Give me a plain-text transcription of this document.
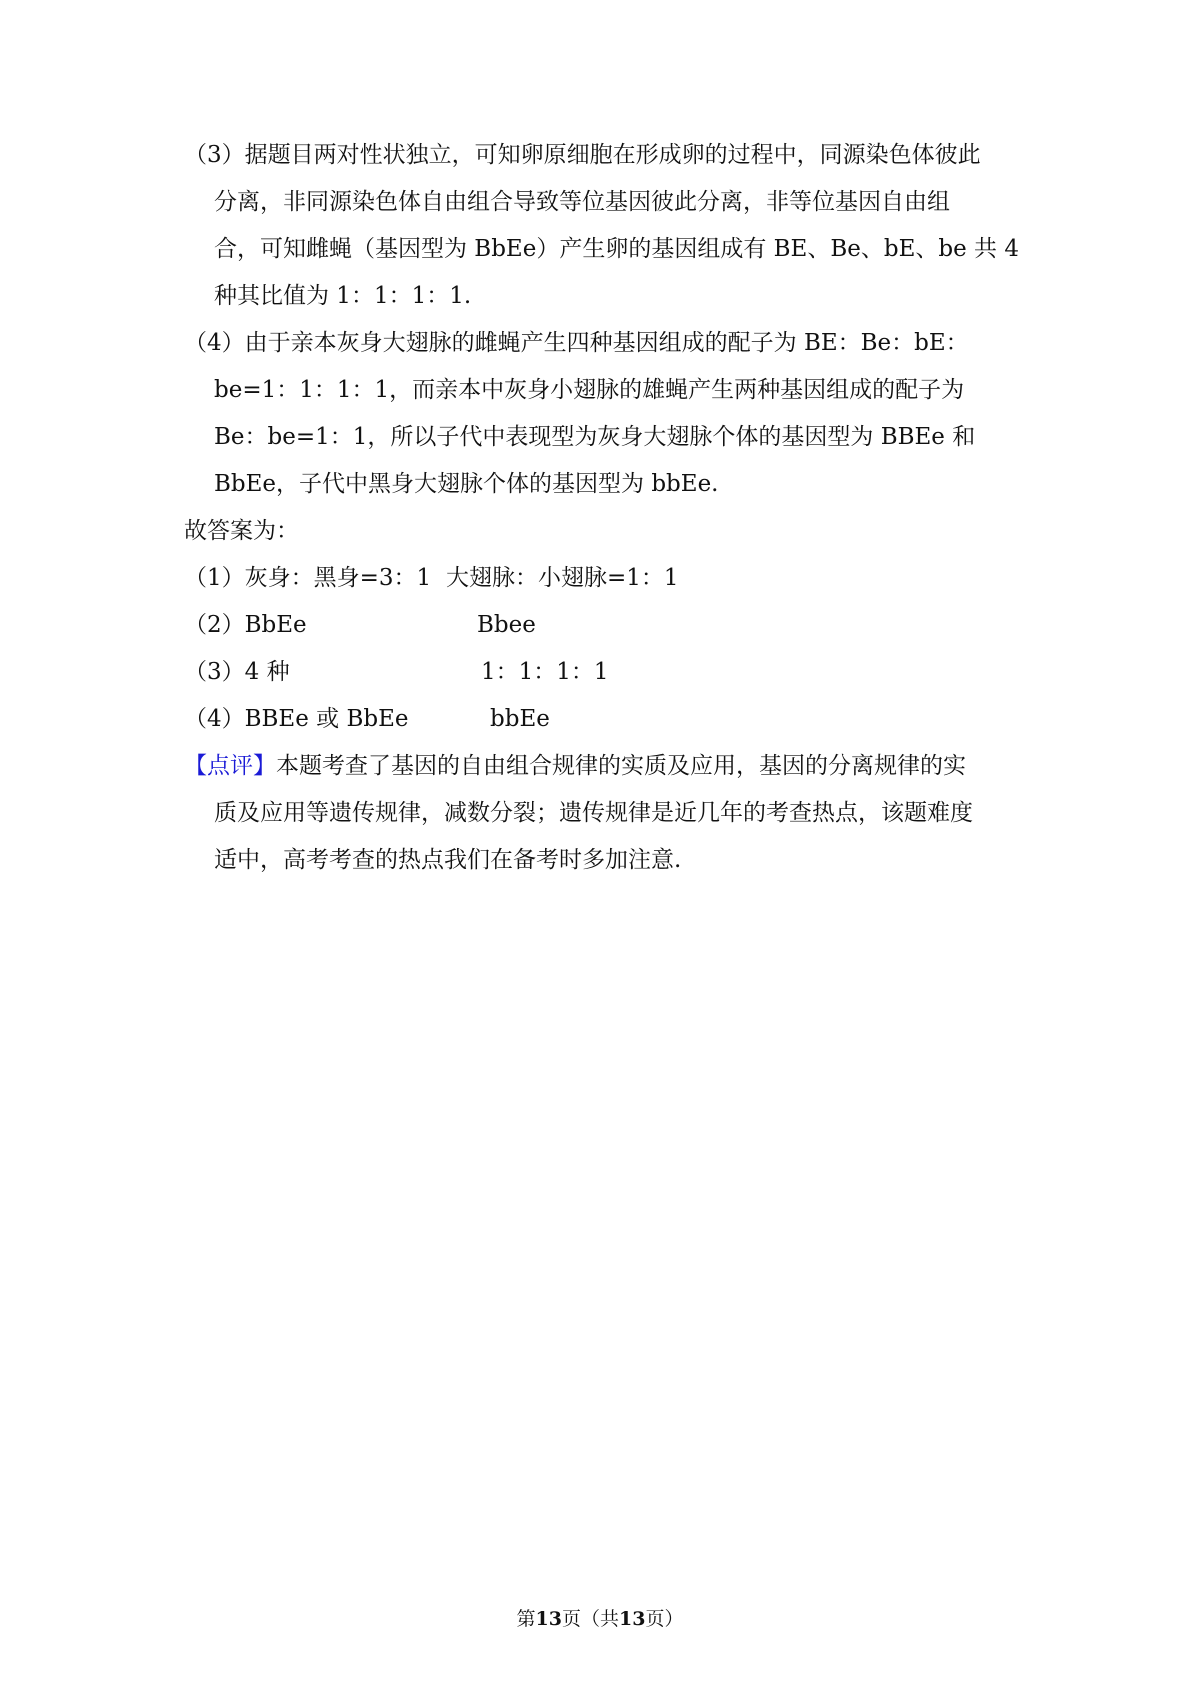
（3）据题目两对性状独立，可知卵原细胞在形成卵的过程中，同源染色体彼此
分离，非同源染色体自由组合导致等位基因彼此分离，非等位基因自由组
合，可知雌蝇（基因型为 BbEe）产生卵的基因组成有 BE、Be、bE、be 共 4
种其比值为 1：1：1：1.
（4）由于亲本灰身大翅脉的雌蝇产生四种基因组成的配子为 BE：Be：bE：
be=1：1：1：1，而亲本中灰身小翅脉的雄蝇产生两种基因组成的配子为
Be：be=1：1，所以子代中表现型为灰身大翅脉个体的基因型为 BBEe 和
BbEe，子代中黑身大翅脉个体的基因型为 bbEe.
故答案为：
（1）灰身：黑身=3：1 大翅脉：小翅脉=1：1
（2）BbEe	Bbee
（3）4 种	1：1：1：1
（4）BBEe 或 BbEe	bbEe
【点评】本题考查了基因的自由组合规律的实质及应用，基因的分离规律的实
质及应用等遗传规律，减数分裂；遗传规律是近几年的考查热点，该题难度
适中，高考考查的热点我们在备考时多加注意.
第13页（共13页）
